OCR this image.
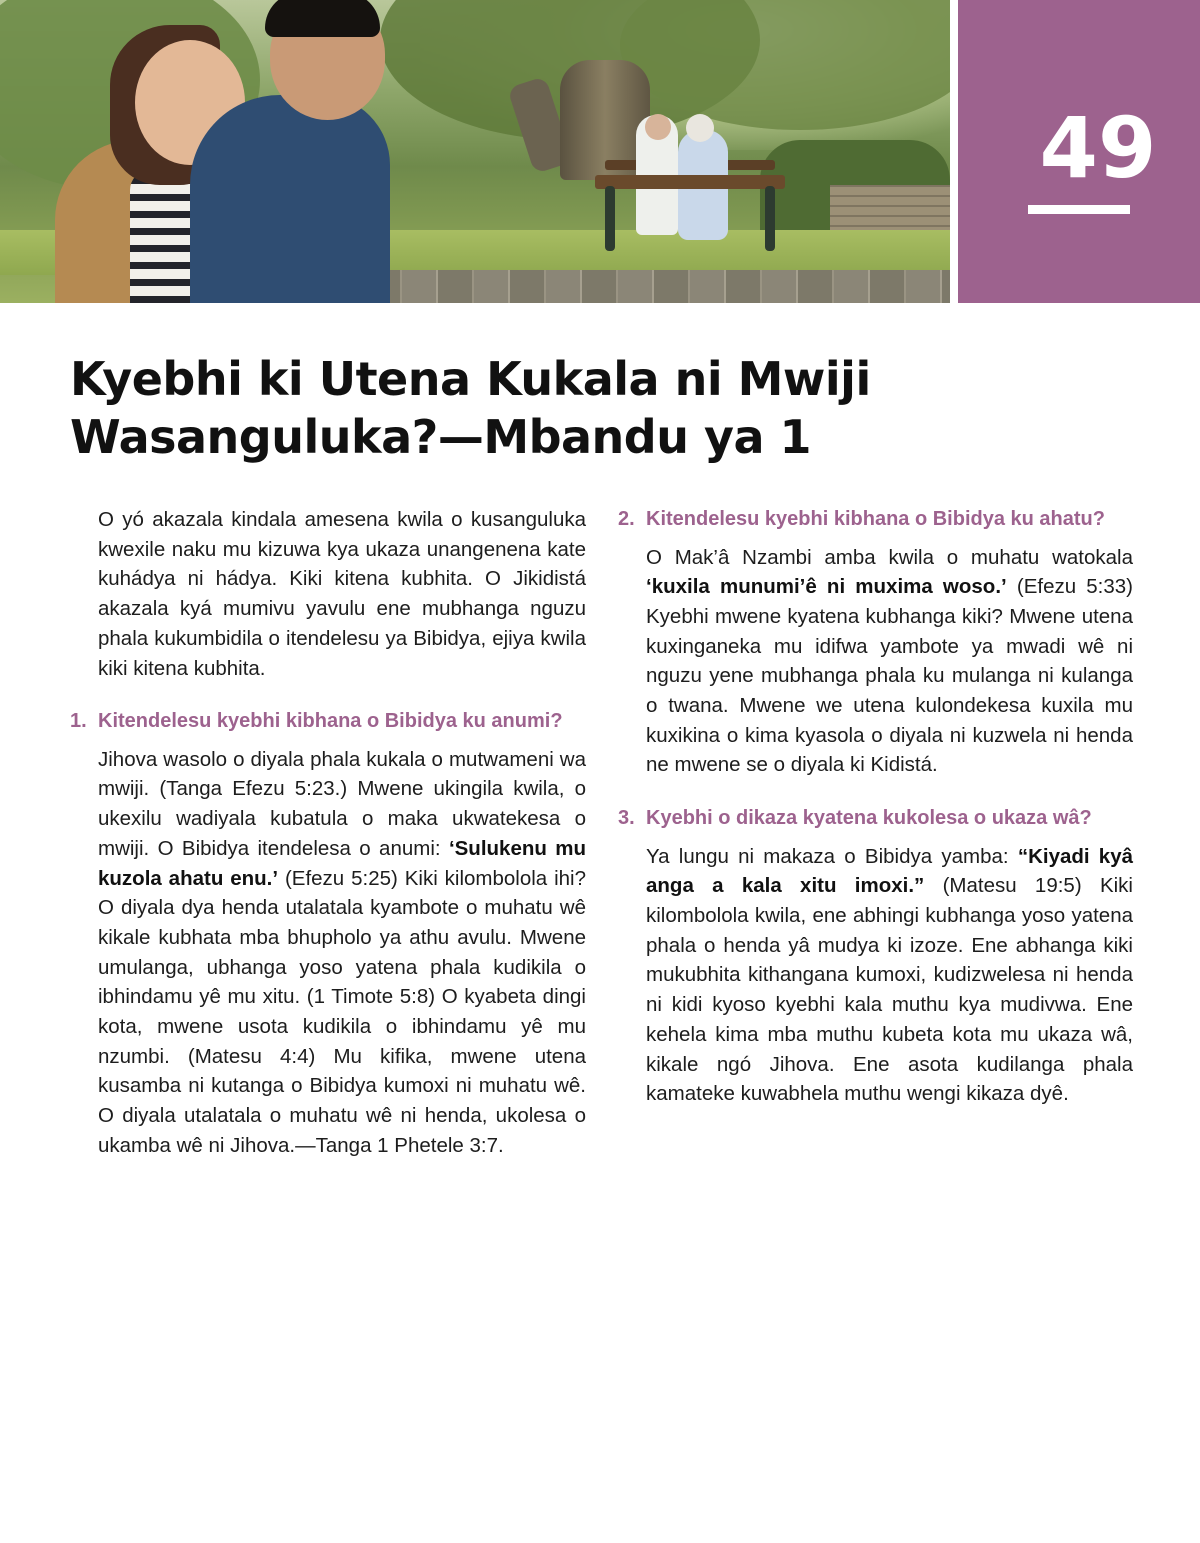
49
Kyebhi ki Utena Kukala ni Mwiji
Wasanguluka?—Mbandu ya 1

O yó akazala kindala amesena kwila o kusanguluka kwexile naku mu kizuwa kya ukaza unangenena kate kuhádya ni hádya. Kiki kitena kubhita. O Jikidistá akazala kyá mumivu yavulu ene mubhanga nguzu phala kukumbidila o itendelesu ya Bibidya, ejiya kwila kiki kitena kubhita.

1. Kitendelesu kyebhi kibhana o Bibidya ku anumi?

Jihova wasolo o diyala phala kukala o mutwameni wa mwiji. (Tanga Efezu 5:23.) Mwene ukingila kwila, o ukexilu wadiyala kubatula o maka ukwatekesa o mwiji. O Bibidya itendelesa o anumi: ‘Sulukenu mu kuzola ahatu enu.’ (Efezu 5:25) Kiki kilombolola ihi? O diyala dya henda utalatala kyambote o muhatu wê kikale kubhata mba bhupholo ya athu avulu. Mwene umulanga, ubhanga yoso yatena phala kudikila o ibhindamu yê mu xitu. (1 Timote 5:8) O kyabeta dingi kota, mwene usota kudikila o ibhindamu yê mu nzumbi. (Matesu 4:4) Mu kifika, mwene utena kusamba ni kutanga o Bibidya kumoxi ni muhatu wê. O diyala utalatala o muhatu wê ni henda, ukolesa o ukamba wê ni Jihova.—Tanga 1 Phetele 3:7.

2. Kitendelesu kyebhi kibhana o Bibidya ku ahatu?

O Mak’â Nzambi amba kwila o muhatu watokala ‘kuxila munumi’ê ni muxima woso.’ (Efezu 5:33) Kyebhi mwene kyatena kubhanga kiki? Mwene utena kuxinganeka mu idifwa yambote ya mwadi wê ni nguzu yene mubhanga phala ku mulanga ni kulanga o twana. Mwene we utena kulondekesa kuxila mu kuxikina o kima kyasola o diyala ni kuzwela ni henda ne mwene se o diyala ki Kidistá.

3. Kyebhi o dikaza kyatena kukolesa o ukaza wâ?

Ya lungu ni makaza o Bibidya yamba: “Kiyadi kyâ anga a kala xitu imoxi.” (Matesu 19:5) Kiki kilombolola kwila, ene abhingi kubhanga yoso yatena phala o henda yâ mudya ki izoze. Ene abhanga kiki mukubhita kithangana kumoxi, kudizwelesa ni henda ni kidi kyoso kyebhi kala muthu kya mudivwa. Ene kehela kima mba muthu kubeta kota mu ukaza wâ, kikale ngó Jihova. Ene asota kudilanga phala kamateke kuwabhela muthu wengi kikaza dyê.
